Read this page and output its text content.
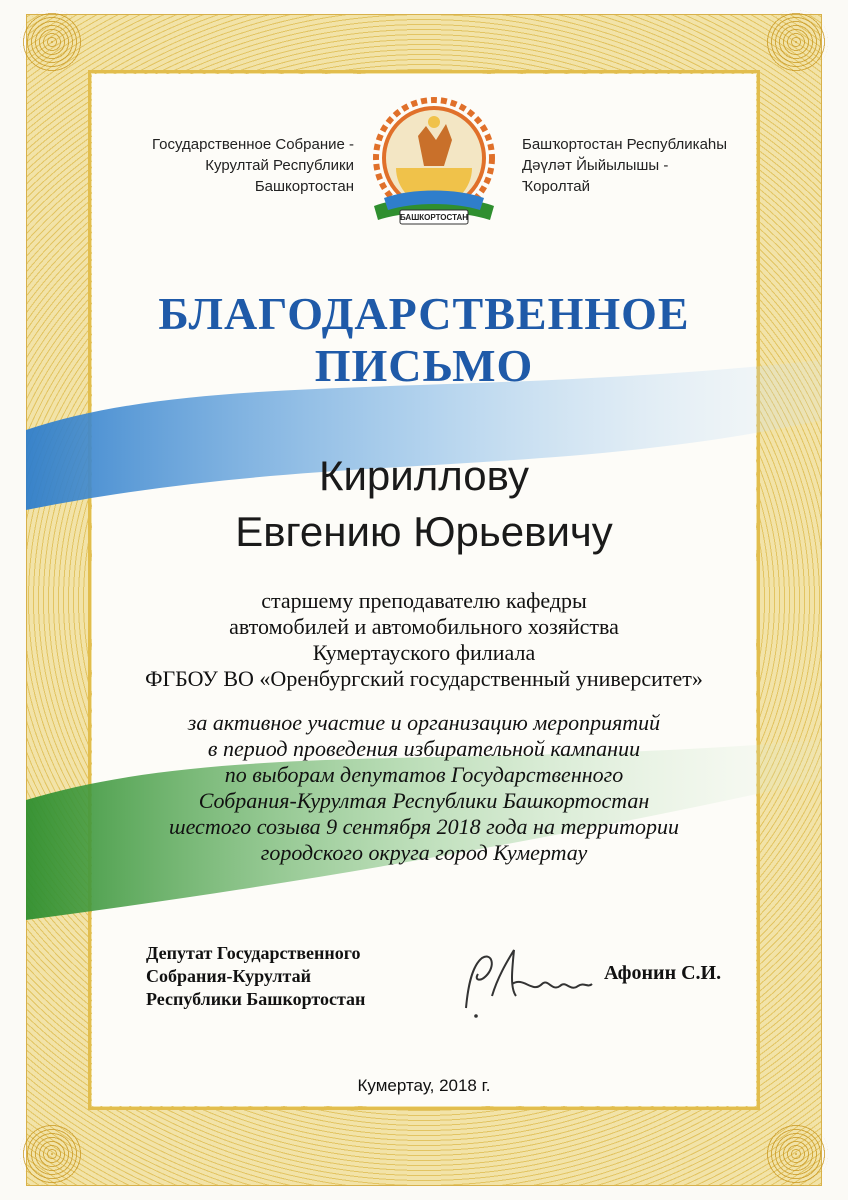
Государственное Собрание -
Курултай Республики
Башкортостан
БАШКОРТОСТАН
Башҡортостан Республикаһы
Дәүләт Йыйылышы -
Ҡоролтай
БЛАГОДАРСТВЕННОЕ
ПИСЬМО
Кириллову
Евгению Юрьевичу
старшему преподавателю кафедры
автомобилей и автомобильного хозяйства
Кумертауского филиала
ФГБОУ ВО «Оренбургский государственный университет»
за активное участие и организацию мероприятий
в период проведения избирательной кампании
по выборам депутатов Государственного
Собрания-Курултая Республики Башкортостан
шестого созыва 9 сентября 2018 года на территории
городского округа город Кумертау
Депутат Государственного
Собрания-Курултай
Республики Башкортостан
Афонин С.И.
Кумертау, 2018 г.
